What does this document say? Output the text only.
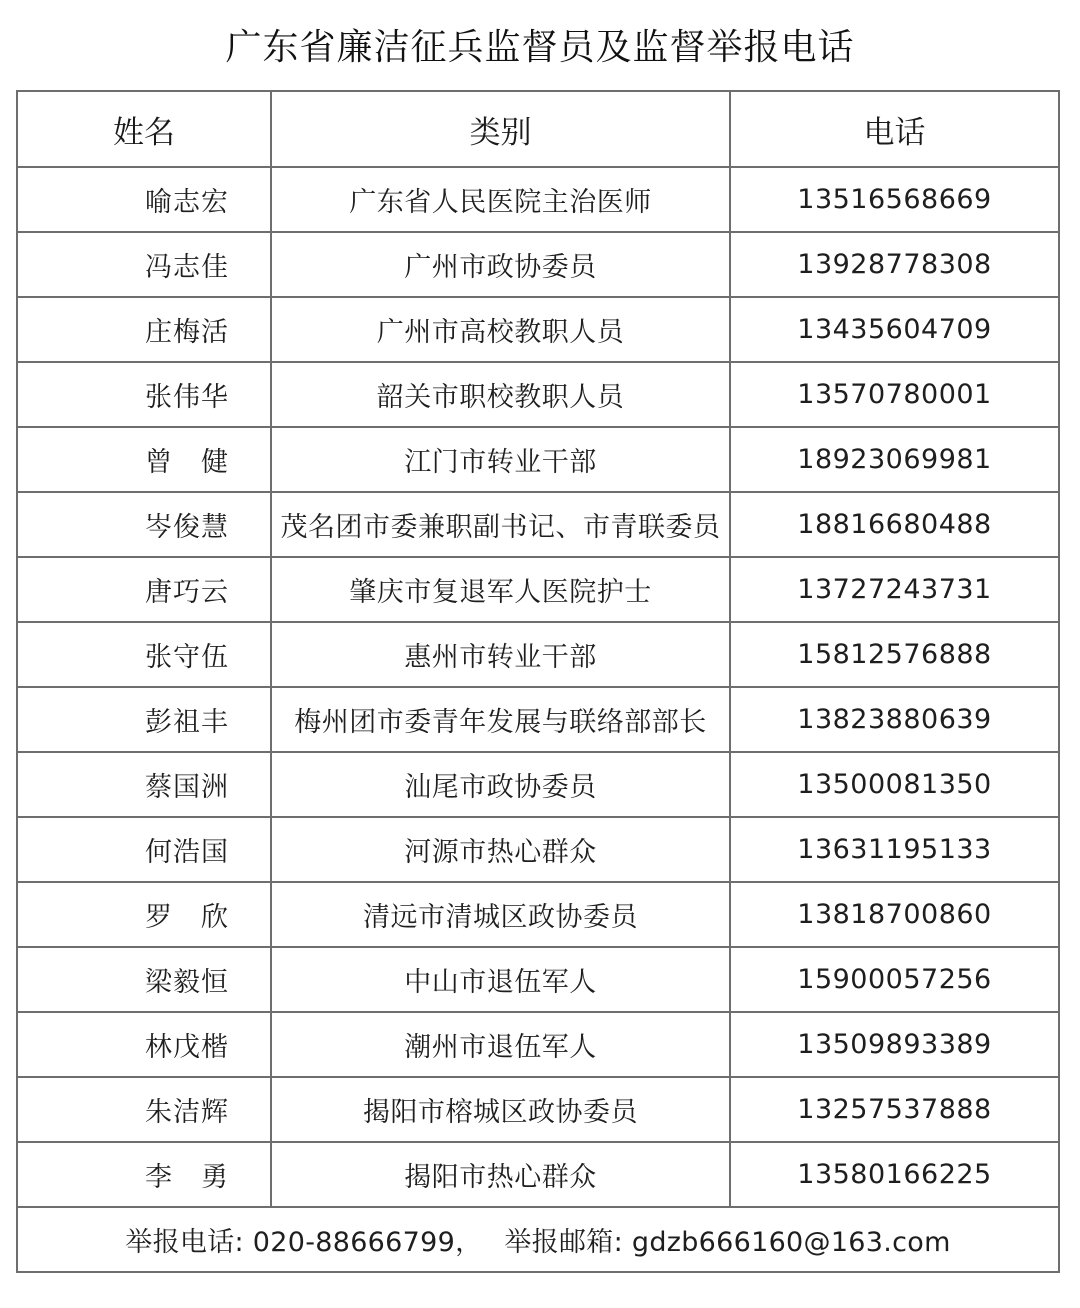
广东省廉洁征兵监督员及监督举报电话
姓名	类别	电话
喻志宏	广东省人民医院主治医师	13516568669
冯志佳	广州市政协委员	13928778308
庄梅活	广州市高校教职人员	13435604709
张伟华	韶关市职校教职人员	13570780001
曾　健	江门市转业干部	18923069981
岑俊慧	茂名团市委兼职副书记、市青联委员	18816680488
唐巧云	肇庆市复退军人医院护士	13727243731
张守伍	惠州市转业干部	15812576888
彭祖丰	梅州团市委青年发展与联络部部长	13823880639
蔡国洲	汕尾市政协委员	13500081350
何浩国	河源市热心群众	13631195133
罗　欣	清远市清城区政协委员	13818700860
梁毅恒	中山市退伍军人	15900057256
林戊楷	潮州市退伍军人	13509893389
朱洁辉	揭阳市榕城区政协委员	13257537888
李　勇	揭阳市热心群众	13580166225
举报电话: 020-88666799， 举报邮箱: gdzb666160@163.com		
